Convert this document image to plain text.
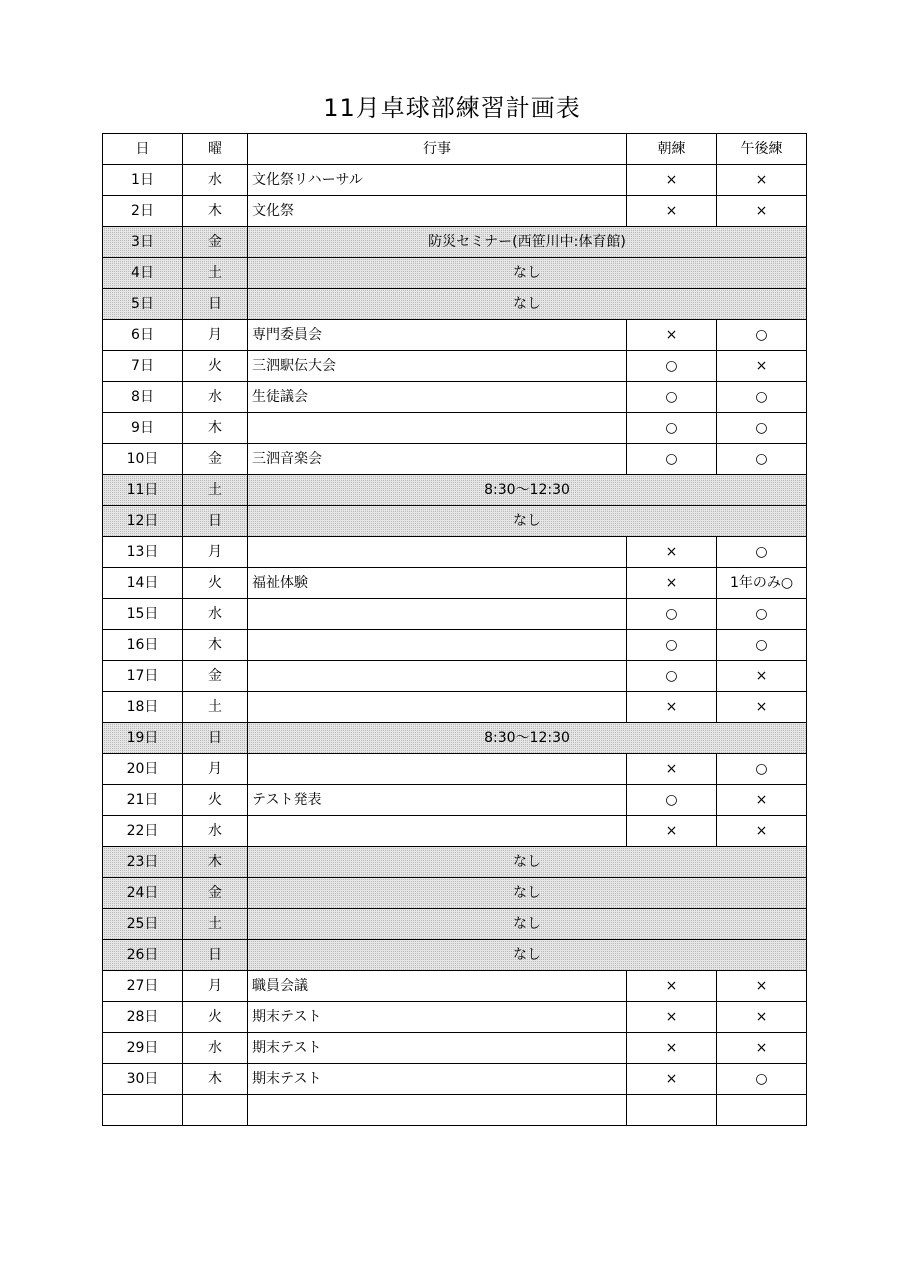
11月卓球部練習計画表
日	曜	行事	朝練	午後練
1日	水	文化祭リハーサル	×	×
2日	木	文化祭	×	×
3日	金	防災セミナー(西笹川中:体育館)		
4日	土	なし		
5日	日	なし		
6日	月	専門委員会	×	○
7日	火	三泗駅伝大会	○	×
8日	水	生徒議会	○	○
9日	木		○	○
10日	金	三泗音楽会	○	○
11日	土	8:30～12:30		
12日	日	なし		
13日	月		×	○
14日	火	福祉体験	×	1年のみ○
15日	水		○	○
16日	木		○	○
17日	金		○	×
18日	土		×	×
19日	日	8:30～12:30		
20日	月		×	○
21日	火	テスト発表	○	×
22日	水		×	×
23日	木	なし		
24日	金	なし		
25日	土	なし		
26日	日	なし		
27日	月	職員会議	×	×
28日	火	期末テスト	×	×
29日	水	期末テスト	×	×
30日	木	期末テスト	×	○
